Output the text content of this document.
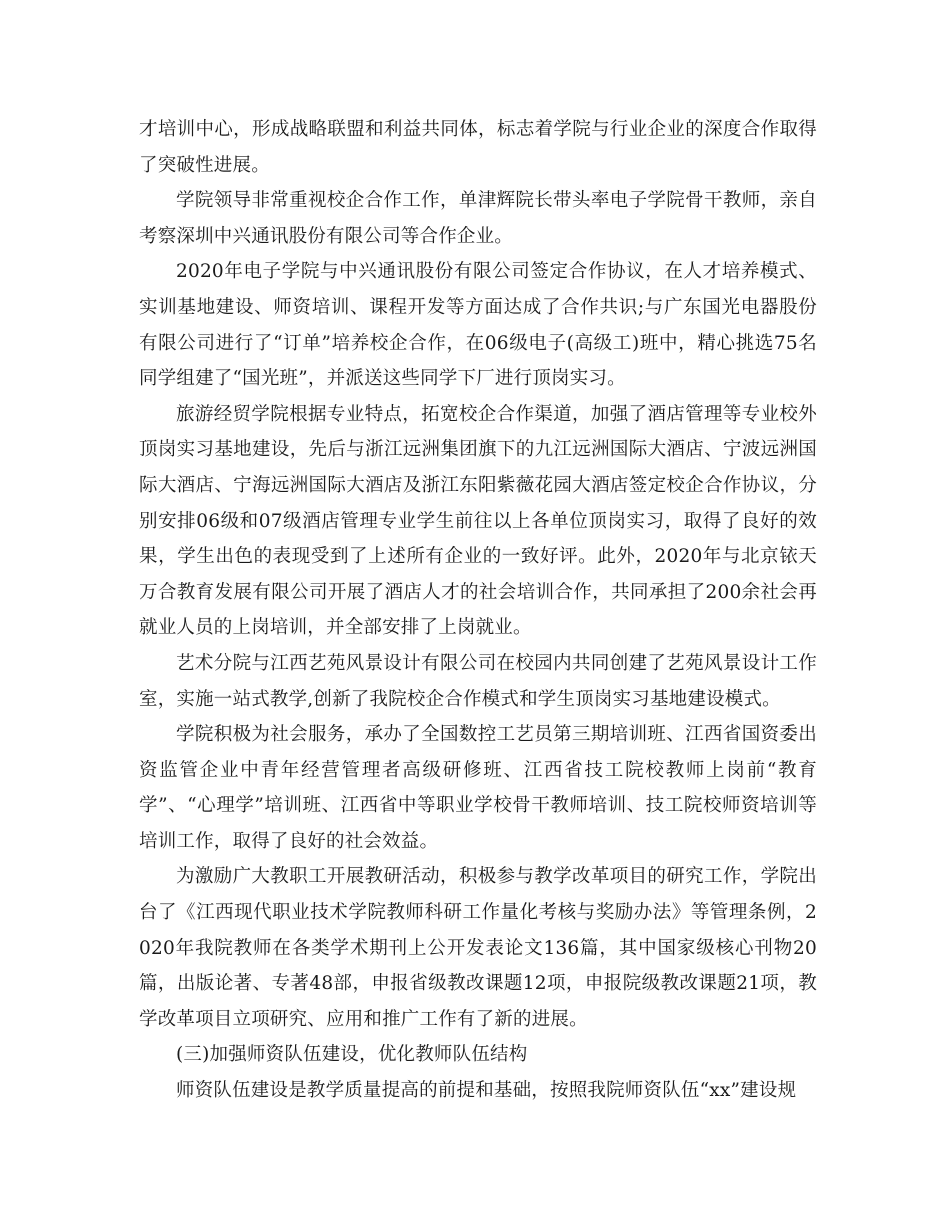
才培训中心，形成战略联盟和利益共同体，标志着学院与行业企业的深度合作取得了突破性进展。

学院领导非常重视校企合作工作，单津辉院长带头率电子学院骨干教师，亲自考察深圳中兴通讯股份有限公司等合作企业。

2020年电子学院与中兴通讯股份有限公司签定合作协议，在人才培养模式、实训基地建设、师资培训、课程开发等方面达成了合作共识;与广东国光电器股份有限公司进行了“订单”培养校企合作，在06级电子(高级工)班中，精心挑选75名同学组建了“国光班”，并派送这些同学下厂进行顶岗实习。

旅游经贸学院根据专业特点，拓宽校企合作渠道，加强了酒店管理等专业校外顶岗实习基地建设，先后与浙江远洲集团旗下的九江远洲国际大酒店、宁波远洲国际大酒店、宁海远洲国际大酒店及浙江东阳紫薇花园大酒店签定校企合作协议，分别安排06级和07级酒店管理专业学生前往以上各单位顶岗实习，取得了良好的效果，学生出色的表现受到了上述所有企业的一致好评。此外，2020年与北京铱天万合教育发展有限公司开展了酒店人才的社会培训合作，共同承担了200余社会再就业人员的上岗培训，并全部安排了上岗就业。

艺术分院与江西艺苑风景设计有限公司在校园内共同创建了艺苑风景设计工作室，实施一站式教学,创新了我院校企合作模式和学生顶岗实习基地建设模式。

学院积极为社会服务，承办了全国数控工艺员第三期培训班、江西省国资委出资监管企业中青年经营管理者高级研修班、江西省技工院校教师上岗前“教育学”、“心理学”培训班、江西省中等职业学校骨干教师培训、技工院校师资培训等培训工作，取得了良好的社会效益。

为激励广大教职工开展教研活动，积极参与教学改革项目的研究工作，学院出台了《江西现代职业技术学院教师科研工作量化考核与奖励办法》等管理条例，2020年我院教师在各类学术期刊上公开发表论文136篇，其中国家级核心刊物20篇，出版论著、专著48部，申报省级教改课题12项，申报院级教改课题21项，教学改革项目立项研究、应用和推广工作有了新的进展。

(三)加强师资队伍建设，优化教师队伍结构

师资队伍建设是教学质量提高的前提和基础，按照我院师资队伍“xx”建设规
